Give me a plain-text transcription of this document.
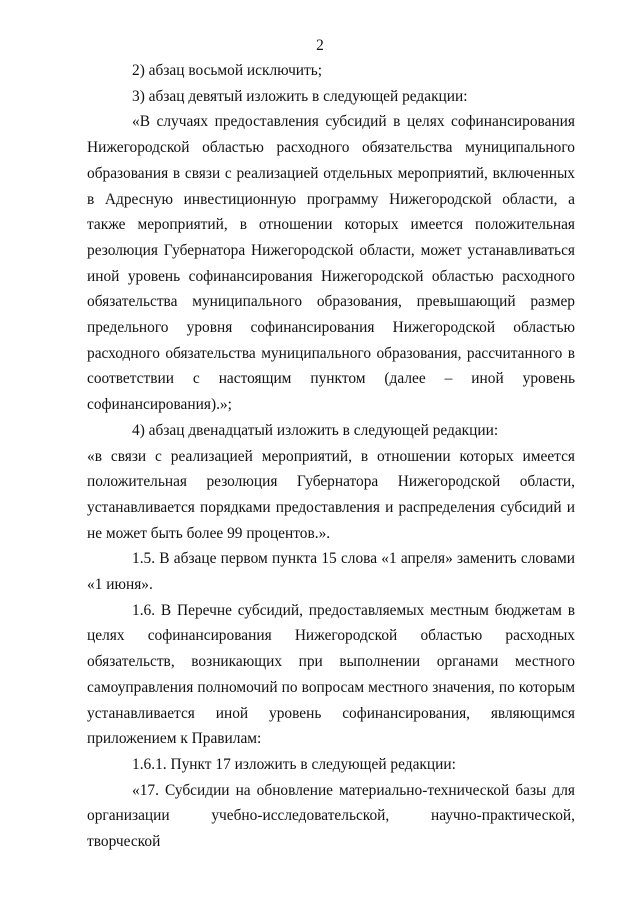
2

2) абзац восьмой исключить;

3) абзац девятый изложить в следующей редакции:

«В случаях предоставления субсидий в целях софинансирования Нижегородской областью расходного обязательства муниципального образования в связи с реализацией отдельных мероприятий, включенных в Адресную инвестиционную программу Нижегородской области, а также мероприятий, в отношении которых имеется положительная резолюция Губернатора Нижегородской области, может устанавливаться иной уровень софинансирования Нижегородской областью расходного обязательства муниципального образования, превышающий размер предельного уровня софинансирования Нижегородской областью расходного обязательства муниципального образования, рассчитанного в соответствии с настоящим пунктом (далее – иной уровень софинансирования).»;

4) абзац двенадцатый изложить в следующей редакции:

«в связи с реализацией мероприятий, в отношении которых имеется положительная резолюция Губернатора Нижегородской области, устанавливается порядками предоставления и распределения субсидий и не может быть более 99 процентов.».

1.5. В абзаце первом пункта 15 слова «1 апреля» заменить словами «1 июня».

1.6. В Перечне субсидий, предоставляемых местным бюджетам в целях софинансирования Нижегородской областью расходных обязательств, возникающих при выполнении органами местного самоуправления полномочий по вопросам местного значения, по которым устанавливается иной уровень софинансирования, являющимся приложением к Правилам:

1.6.1. Пункт 17 изложить в следующей редакции:

«17. Субсидии на обновление материально-технической базы для организации учебно-исследовательской, научно-практической, творческой
